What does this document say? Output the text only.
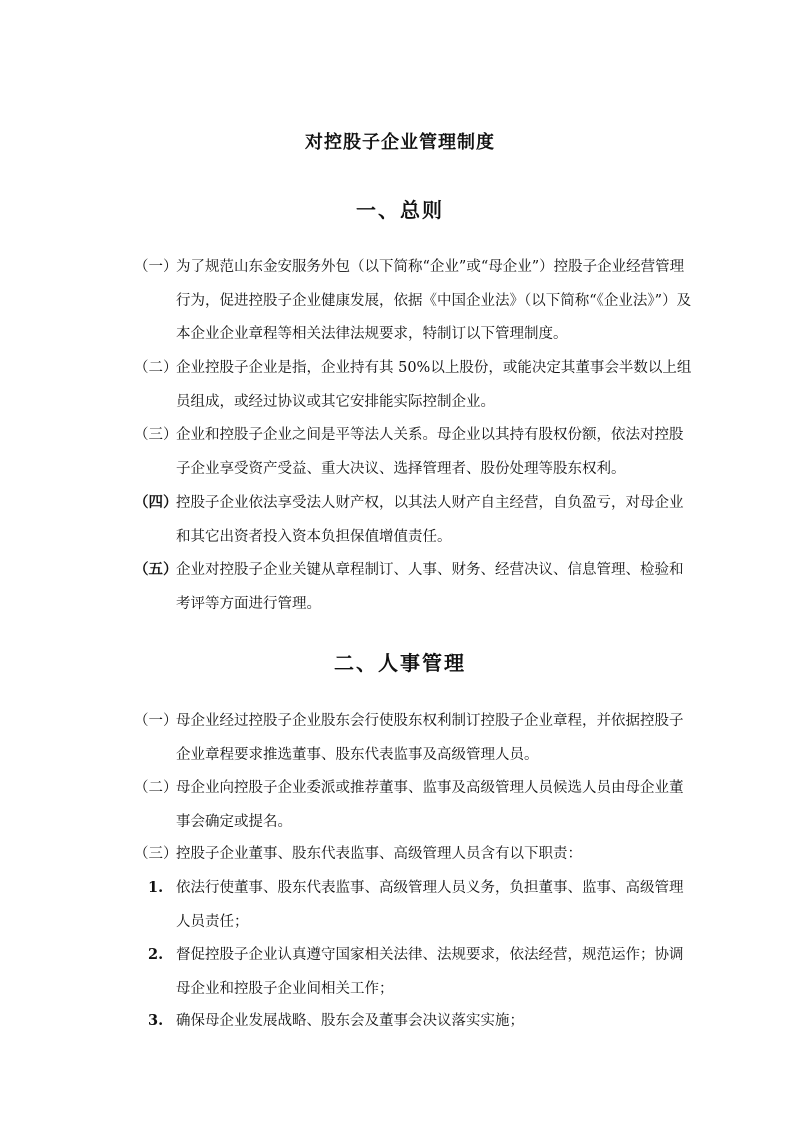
对控股子企业管理制度
一、总则
（一）
为了规范山东金安服务外包（以下简称“企业”或“母企业”）控股子企业经营管理行为，促进控股子企业健康发展，依据《中国企业法》（以下简称“《企业法》”）及本企业企业章程等相关法律法规要求，特制订以下管理制度。
（二）
企业控股子企业是指，企业持有其 50%以上股份，或能决定其董事会半数以上组员组成，或经过协议或其它安排能实际控制企业。
（三）
企业和控股子企业之间是平等法人关系。母企业以其持有股权份额，依法对控股子企业享受资产受益、重大决议、选择管理者、股份处理等股东权利。
（四）
控股子企业依法享受法人财产权，以其法人财产自主经营，自负盈亏，对母企业和其它出资者投入资本负担保值增值责任。
（五）
企业对控股子企业关键从章程制订、人事、财务、经营决议、信息管理、检验和考评等方面进行管理。
二、人事管理
（一）
母企业经过控股子企业股东会行使股东权利制订控股子企业章程，并依据控股子企业章程要求推选董事、股东代表监事及高级管理人员。
（二）
母企业向控股子企业委派或推荐董事、监事及高级管理人员候选人员由母企业董事会确定或提名。
（三）
控股子企业董事、股东代表监事、高级管理人员含有以下职责：
1. 依法行使董事、股东代表监事、高级管理人员义务，负担董事、监事、高级管理人员责任；
2. 督促控股子企业认真遵守国家相关法律、法规要求，依法经营，规范运作；协调母企业和控股子企业间相关工作；
3. 确保母企业发展战略、股东会及董事会决议落实实施；
